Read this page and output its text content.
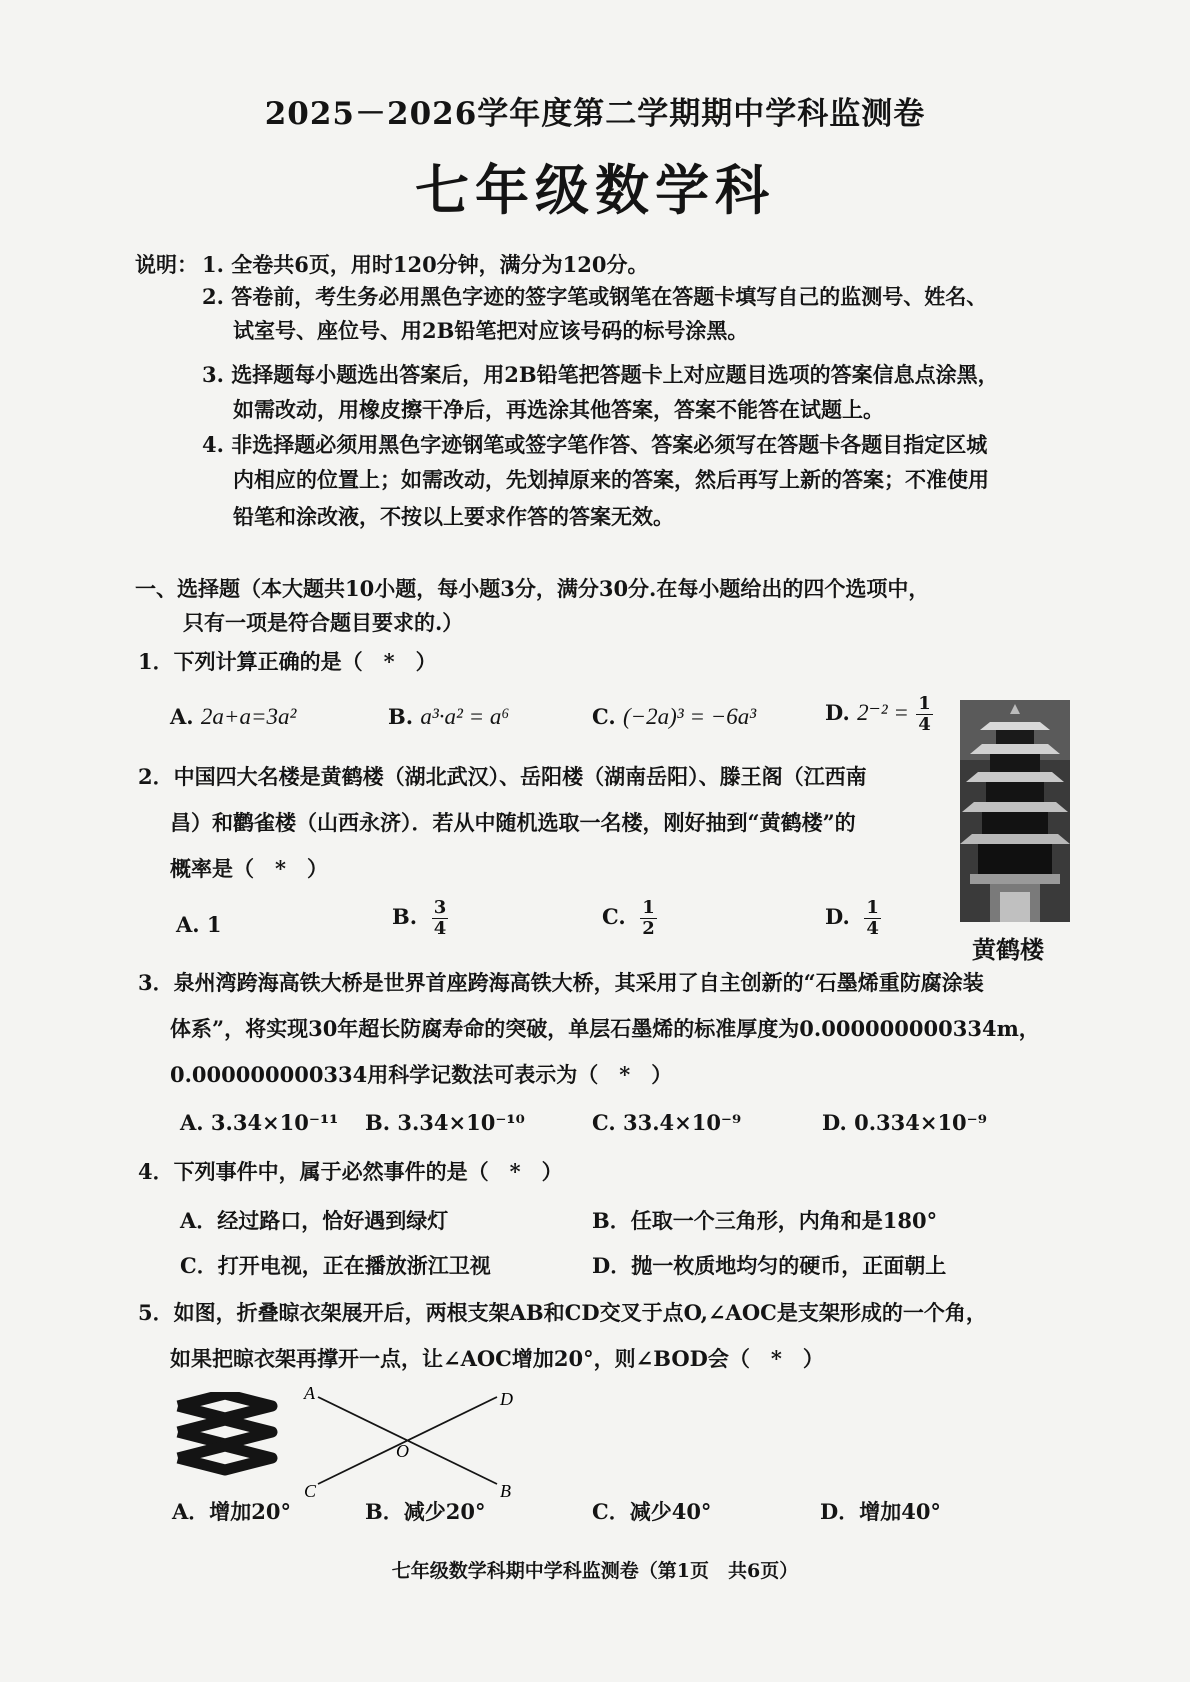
2025－2026学年度第二学期期中学科监测卷
七年级数学科
说明： 1. 全卷共6页，用时120分钟，满分为120分。
2. 答卷前，考生务必用黑色字迹的签字笔或钢笔在答题卡填写自己的监测号、姓名、
试室号、座位号、用2B铅笔把对应该号码的标号涂黑。
3. 选择题每小题选出答案后，用2B铅笔把答题卡上对应题目选项的答案信息点涂黑，
如需改动，用橡皮擦干净后，再选涂其他答案，答案不能答在试题上。
4. 非选择题必须用黑色字迹钢笔或签字笔作答、答案必须写在答题卡各题目指定区城
内相应的位置上；如需改动，先划掉原来的答案，然后再写上新的答案；不准使用
铅笔和涂改液，不按以上要求作答的答案无效。
一、选择题（本大题共10小题，每小题3分，满分30分.在每小题给出的四个选项中，
只有一项是符合题目要求的.）
1．下列计算正确的是（　*　）
A. 2a+a=3a²	B. a³·a² = a⁶	C. (−2a)³ = −6a³	D. $2^{-2} = \frac{1}{4}$
2．中国四大名楼是黄鹤楼（湖北武汉）、岳阳楼（湖南岳阳）、滕王阁（江西南
昌）和鹳雀楼（山西永济）．若从中随机选取一名楼，刚好抽到“黄鹤楼”的
概率是（　*　）
A. 1	B. $\frac{3}{4}$	C. $\frac{1}{2}$	D. $\frac{1}{4}$
黄鹤楼
3．泉州湾跨海高铁大桥是世界首座跨海高铁大桥，其采用了自主创新的“石墨烯重防腐涂装
体系”，将实现30年超长防腐寿命的突破，单层石墨烯的标准厚度为0.000000000334m，
0.000000000334用科学记数法可表示为（　*　）
A. 3.34×10⁻¹¹ B. 3.34×10⁻¹⁰	C. 33.4×10⁻⁹	D. 0.334×10⁻⁹
4．下列事件中，属于必然事件的是（　*　）
A．经过路口，恰好遇到绿灯	B．任取一个三角形，内角和是180°
C．打开电视，正在播放浙江卫视	D．抛一枚质地均匀的硬币，正面朝上
5．如图，折叠晾衣架展开后，两根支架AB和CD交叉于点O,∠AOC是支架形成的一个角，
如果把晾衣架再撑开一点，让∠AOC增加20°，则∠BOD会（　*　）
A	D
O
C	B
A．增加20°	B．减少20°	C．减少40°	D．增加40°
七年级数学科期中学科监测卷（第1页　共6页）
